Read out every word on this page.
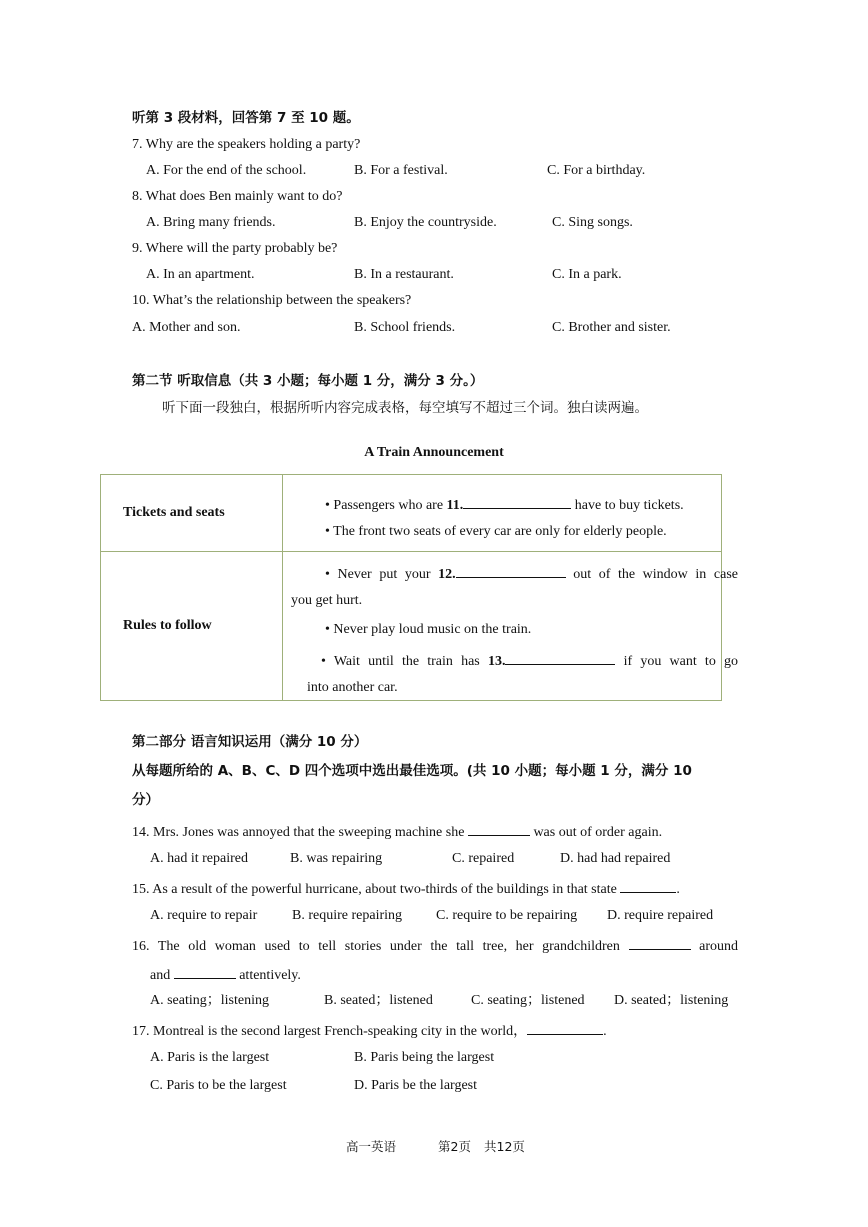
听第 3 段材料，回答第 7 至 10 题。
7. Why are the speakers holding a party?
A. For the end of the school.	B. For a festival.	C. For a birthday.
8. What does Ben mainly want to do?
A. Bring many friends.	B. Enjoy the countryside.	C. Sing songs.
9. Where will the party probably be?
A. In an apartment.	B. In a restaurant.	C. In a park.
10. What’s the relationship between the speakers?
A. Mother and son.	B. School friends.	C. Brother and sister.
第二节 听取信息（共 3 小题；每小题 1 分，满分 3 分。）
听下面一段独白，根据所听内容完成表格，每空填写不超过三个词。独白读两遍。
A Train Announcement
Tickets and seats	• Passengers who are 11. have to buy tickets.
• The front two seats of every car are only for elderly people.

Rules to follow	• Never put your 12. out of the window in case
you get hurt.
• Never play loud music on the train.
• Wait until the train has 13. if you want to go
into another car.
第二部分 语言知识运用（满分 10 分）
从每题所给的 A、B、C、D 四个选项中选出最佳选项。(共 10 小题；每小题 1 分，满分 10
分）
14. Mrs. Jones was annoyed that the sweeping machine she	was out of order again.
A. had it repaired	B. was repairing	C. repaired	D. had had repaired
15. As a result of the powerful hurricane, about two-thirds of the buildings in that state	.
A. require to repair B. require repairing C. require to be repairing D. require repaired
16. The old woman used to tell stories under the tall tree, her grandchildren	around
and	attentively.
A. seating；listening	B. seated；listened	C. seating；listened D. seated；listening
17. Montreal is the second largest French-speaking city in the world，	.
A. Paris is the largest	B. Paris being the largest
C. Paris to be the largest	D. Paris be the largest
高一英语	第2页 共12页
